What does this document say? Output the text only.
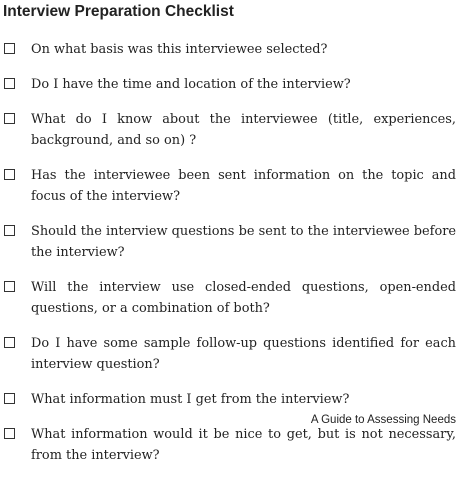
Interview Preparation Checklist
On what basis was this interviewee selected?
Do I have the time and location of the interview?
What do I know about the interviewee (title, experiences, background, and so on) ?
Has the interviewee been sent information on the topic and focus of the interview?
Should the interview questions be sent to the interviewee before the interview?
Will the interview use closed-ended questions, open-ended questions, or a combination of both?
Do I have some sample follow-up questions identified for each interview question?
What information must I get from the interview?
What information would it be nice to get, but is not necessary, from the interview?
A Guide to Assessing Needs
